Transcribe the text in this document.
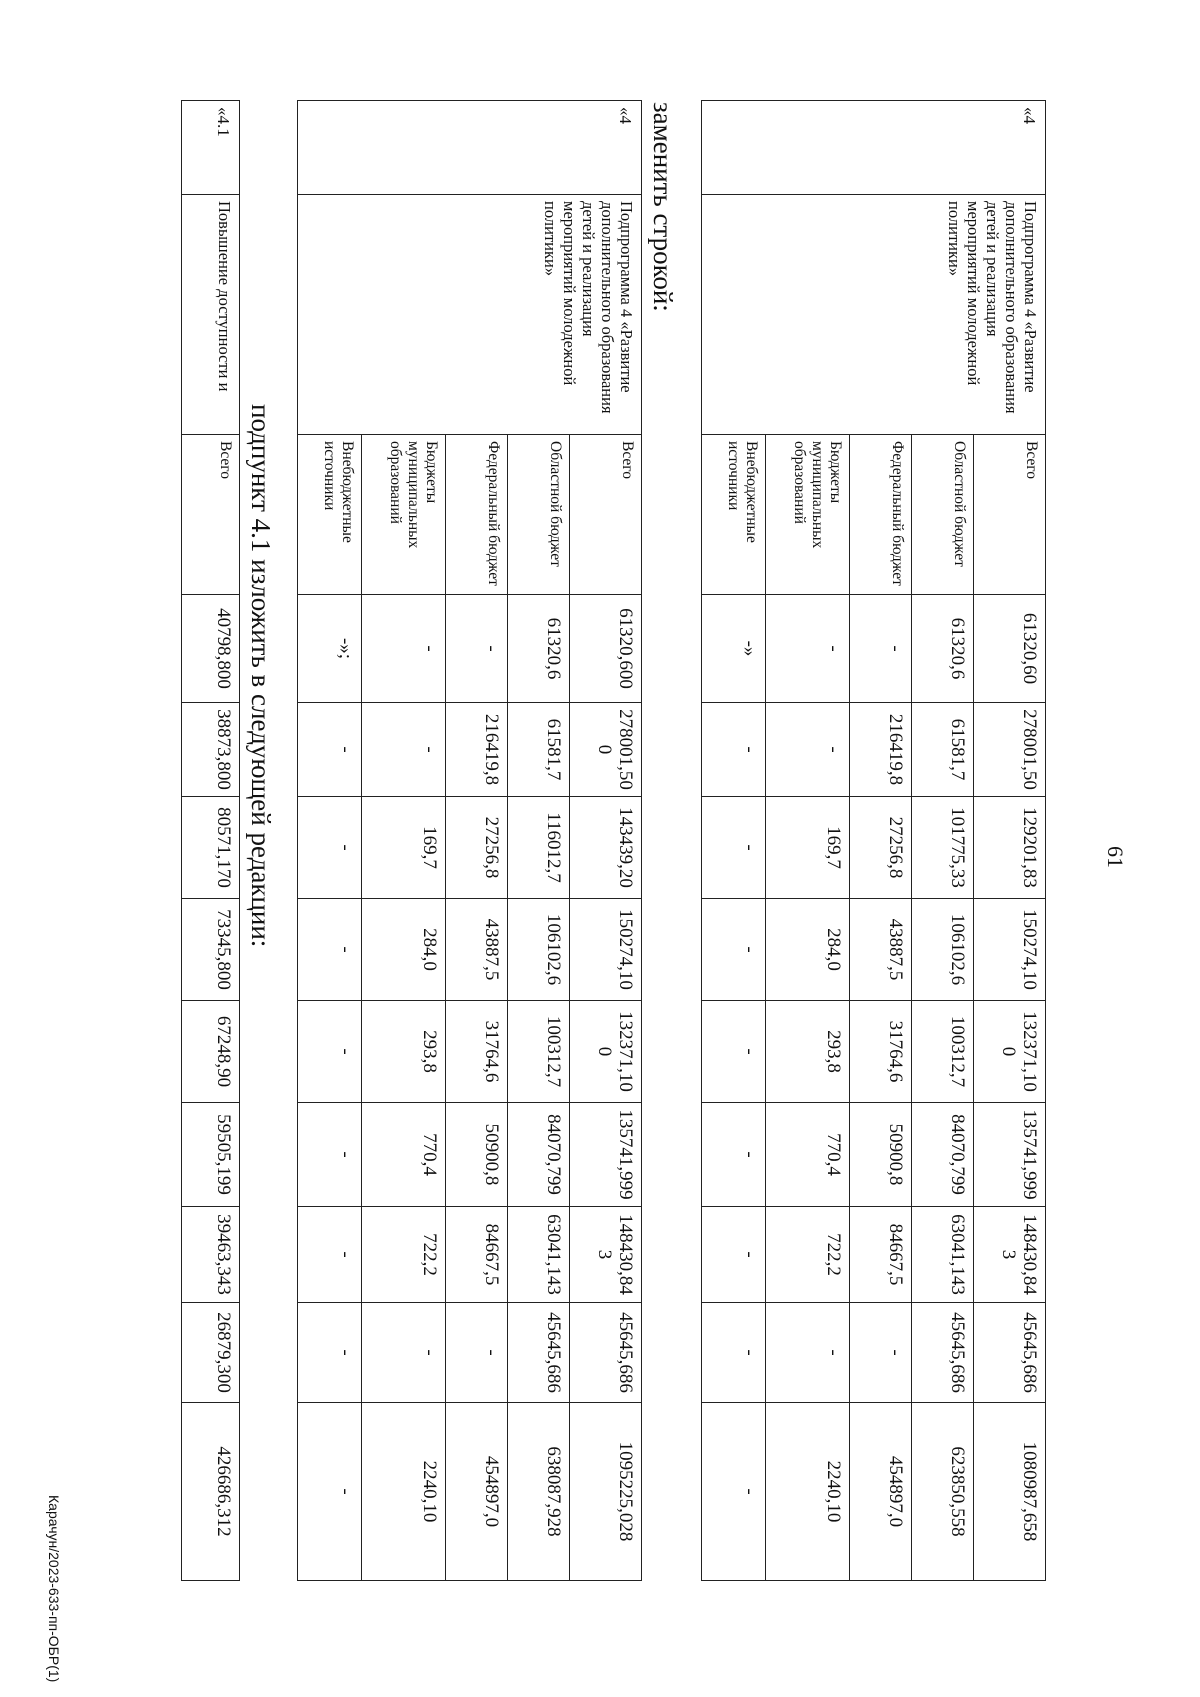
61
«4	Подпрограмма 4 «Развитие дополнительного образования детей и реализация мероприятий молодежной политики»	Всего	61320,60	278001,50	129201,83	150274,10	132371,100	135741,999	148430,843	45645,686	1080987,658
		Областной бюджет	61320,6	61581,7	101775,33	106102,6	100312,7	84070,799	63041,143	45645,686	623850,558
		Федеральный бюджет	-	216419,8	27256,8	43887,5	31764,6	50900,8	84667,5	-	454897,0
		Бюджеты муниципальных образований	-	-	169,7	284,0	293,8	770,4	722,2	-	2240,10
		Внебюджетные источники	-»	-	-	-	-	-	-	-	-
заменить строкой:
«4	Подпрограмма 4 «Развитие дополнительного образования детей и реализация мероприятий молодежной политики»	Всего	61320,600	278001,500	143439,20	150274,10	132371,100	135741,999	148430,843	45645,686	1095225,028
		Областной бюджет	61320,6	61581,7	116012,7	106102,6	100312,7	84070,799	63041,143	45645,686	638087,928
		Федеральный бюджет	-	216419,8	27256,8	43887,5	31764,6	50900,8	84667,5	-	454897,0
		Бюджеты муниципальных образований	-	-	169,7	284,0	293,8	770,4	722,2	-	2240,10
		Внебюджетные источники	-»;	-	-	-	-	-	-	-	-
подпункт 4.1 изложить в следующей редакции:
«4.1	Повышение доступности и	Всего	40798,800	38873,800	80571,170	73345,800	67248,90	59505,199	39463,343	26879,300	426686,312
Карачун/2023-633-пп-ОБР(1)
